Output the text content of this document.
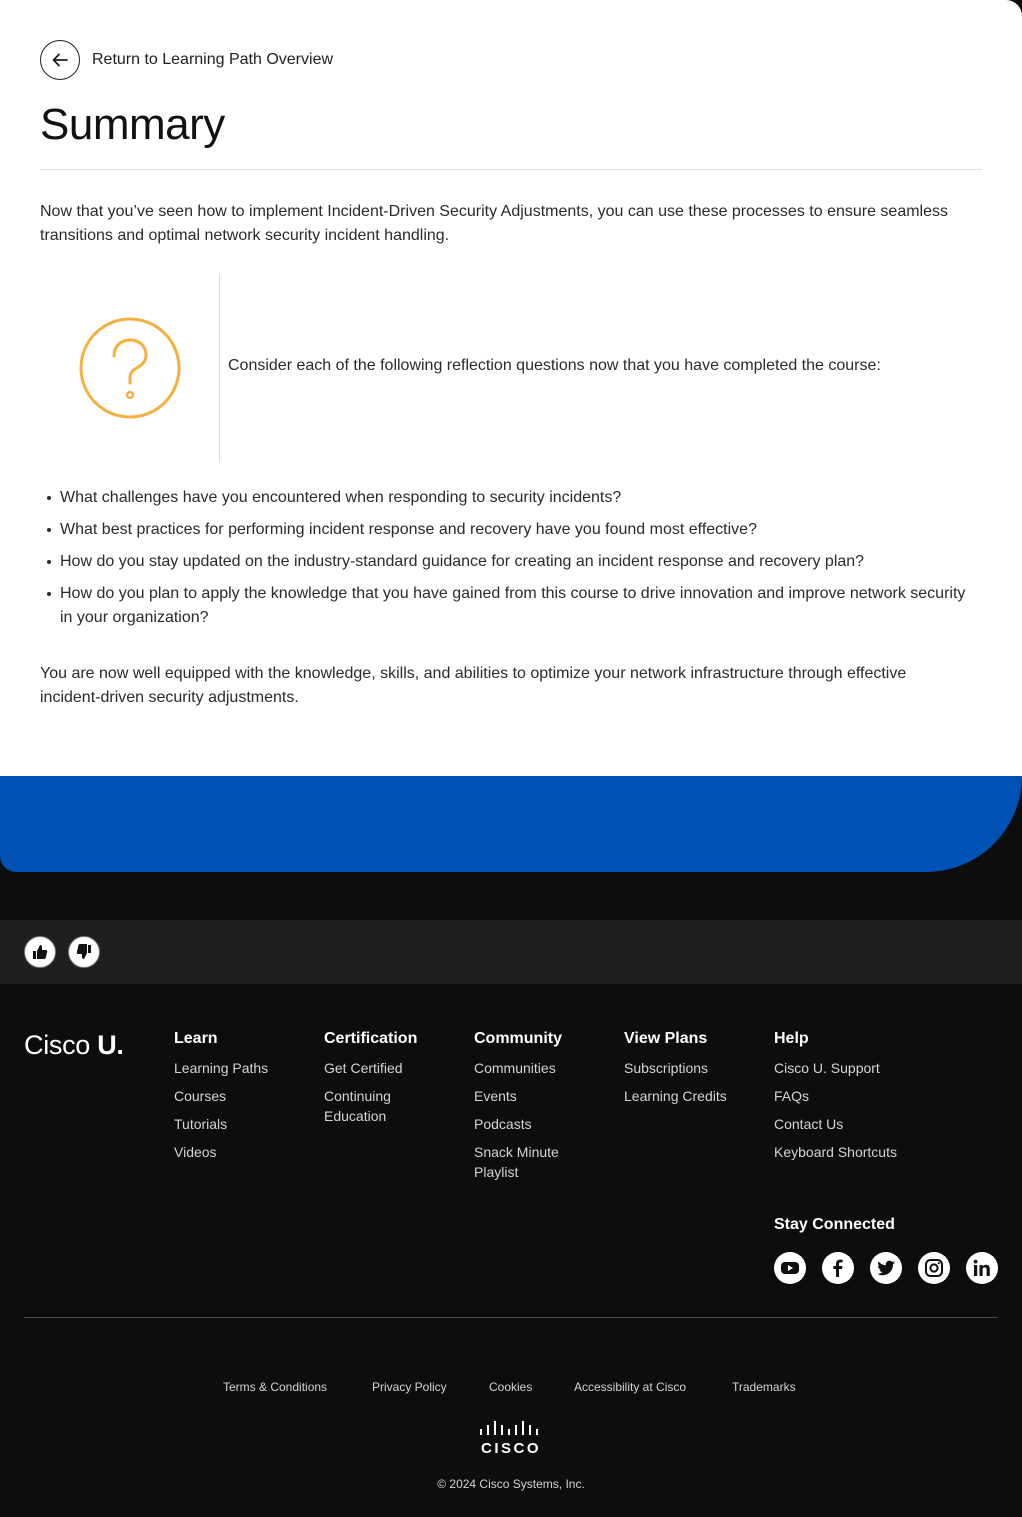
Return to Learning Path Overview
Summary

Now that you’ve seen how to implement Incident-Driven Security Adjustments, you can use these processes to ensure seamless transitions and optimal network security incident handling.

Consider each of the following reflection questions now that you have completed the course:

What challenges have you encountered when responding to security incidents?
What best practices for performing incident response and recovery have you found most effective?
How do you stay updated on the industry-standard guidance for creating an incident response and recovery plan?
How do you plan to apply the knowledge that you have gained from this course to drive innovation and improve network security in your organization?

You are now well equipped with the knowledge, skills, and abilities to optimize your network infrastructure through effective incident-driven security adjustments.

Cisco U.	Learn
Learning Paths
Courses
Tutorials
Videos
Certification
Get Certified
Continuing Education
Community
Communities
Events
Podcasts
Snack Minute Playlist
View Plans
Subscriptions
Learning Credits
Help
Cisco U. Support
FAQs
Contact Us
Keyboard Shortcuts
Stay Connected
Terms & Conditions	Privacy Policy	Cookies	Accessibility at Cisco	Trademarks
CISCO
© 2024 Cisco Systems, Inc.
